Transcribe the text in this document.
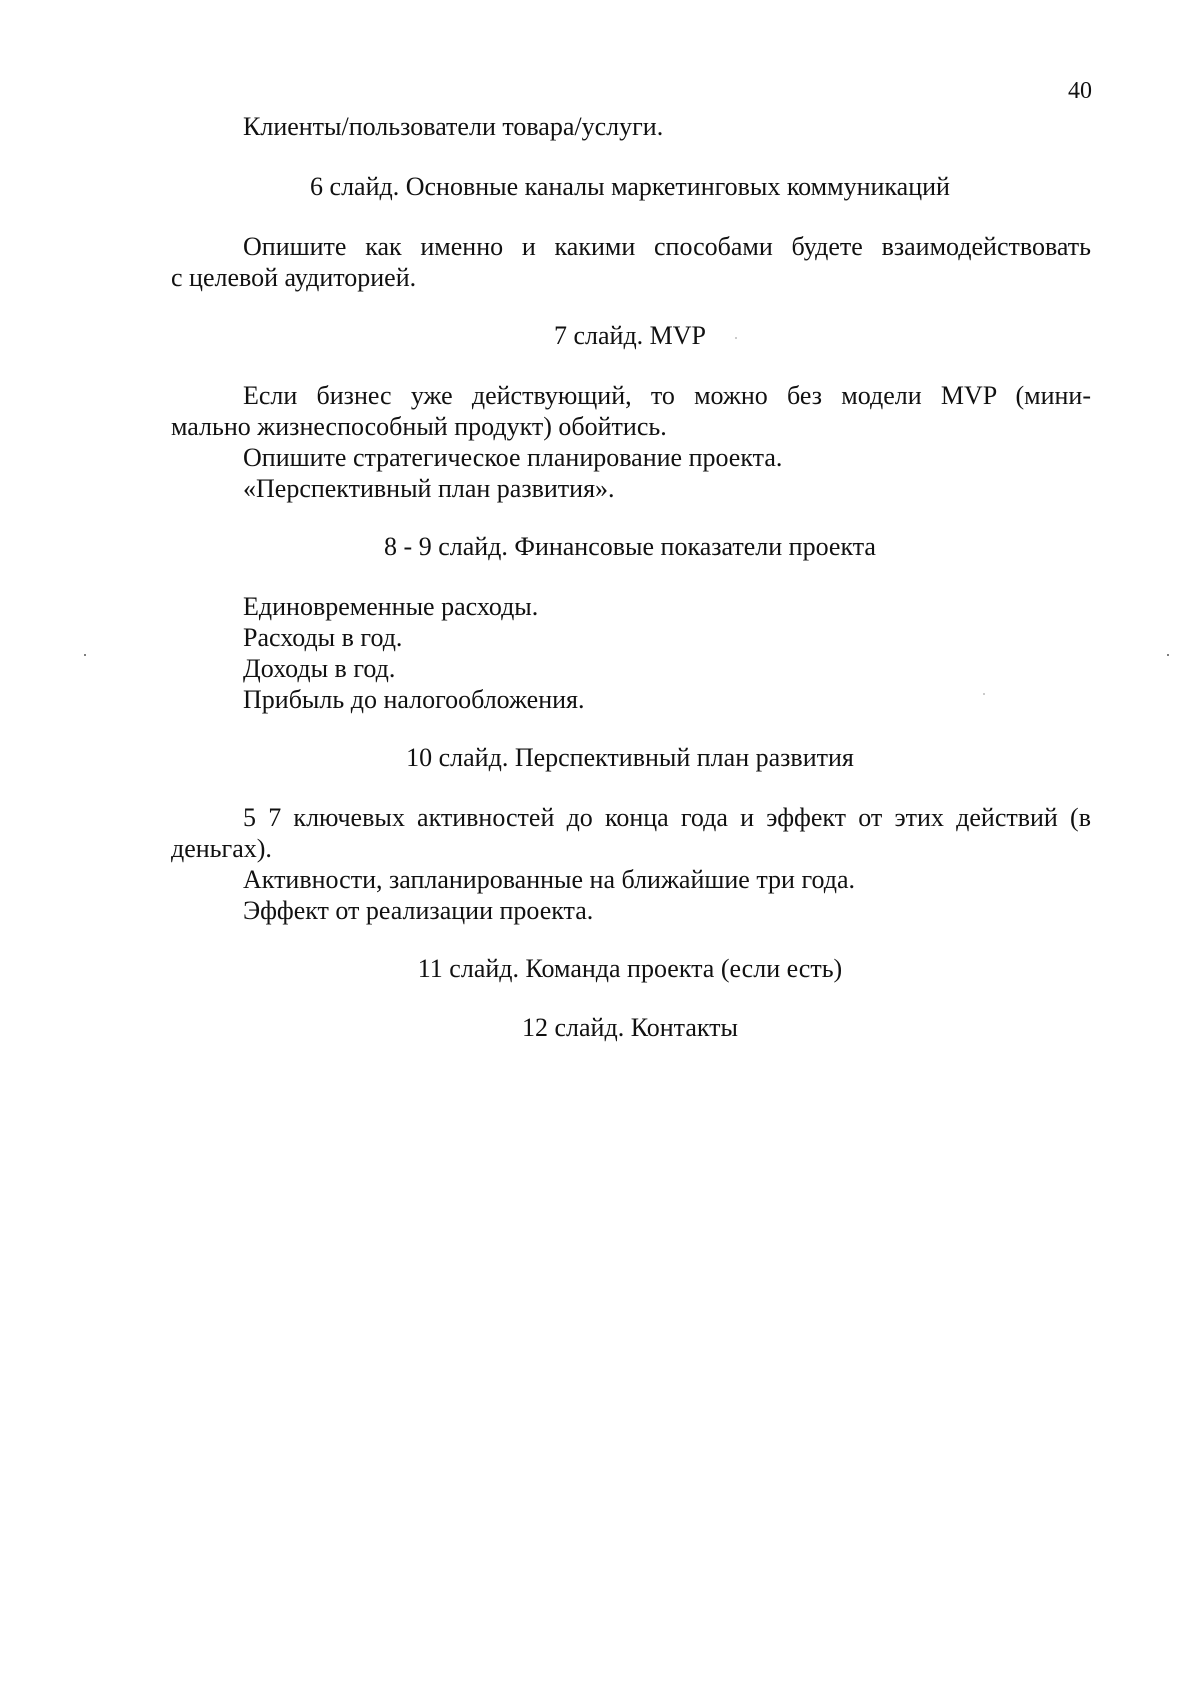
40
Клиенты/пользователи товара/услуги.
6 слайд. Основные каналы маркетинговых коммуникаций
Опишите как именно и какими способами будете взаимодействовать
с целевой аудиторией.
7 слайд. MVP
Если бизнес уже действующий, то можно без модели MVP (мини-
мально жизнеспособный продукт) обойтись.
Опишите стратегическое планирование проекта.
«Перспективный план развития».
8 - 9 слайд. Финансовые показатели проекта
Единовременные расходы.
Расходы в год.
Доходы в год.
Прибыль до налогообложения.
10 слайд. Перспективный план развития
5 7 ключевых активностей до конца года и эффект от этих действий (в
деньгах).
Активности, запланированные на ближайшие три года.
Эффект от реализации проекта.
11 слайд. Команда проекта (если есть)
12 слайд. Контакты
